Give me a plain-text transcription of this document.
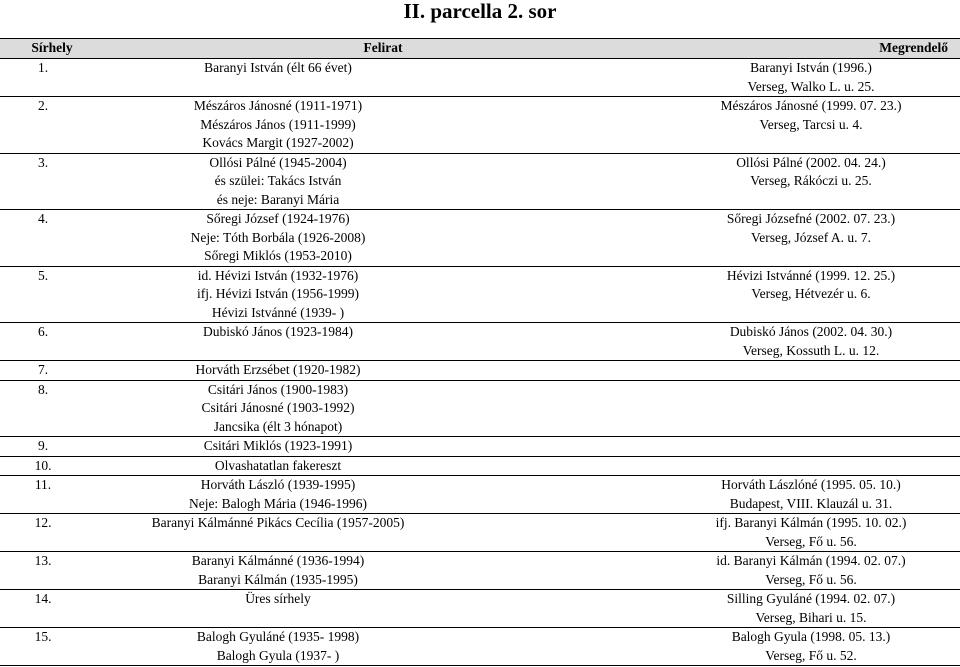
II. parcella 2. sor
Sírhely	Felirat	Megrendelő
1.	Baranyi István (élt 66 évet)	Baranyi István (1996.)
Verseg, Walko L. u. 25.

2.	Mészáros Jánosné (1911-1971)
Mészáros János (1911-1999)
Kovács Margit (1927-2002)	Mészáros Jánosné (1999. 07. 23.)
Verseg, Tarcsi u. 4.

3.	Ollósi Pálné (1945-2004)
és szülei: Takács István
és neje: Baranyi Mária	Ollósi Pálné (2002. 04. 24.)
Verseg, Rákóczi u. 25.

4.	Sőregi József (1924-1976)
Neje: Tóth Borbála (1926-2008)
Sőregi Miklós (1953-2010)	Sőregi Józsefné (2002. 07. 23.)
Verseg, József A. u. 7.

5.	id. Hévizi István (1932-1976)
ifj. Hévizi István (1956-1999)
Hévizi Istvánné (1939- )	Hévizi Istvánné (1999. 12. 25.)
Verseg, Hétvezér u. 6.

6.	Dubiskó János (1923-1984)	Dubiskó János (2002. 04. 30.)
Verseg, Kossuth L. u. 12.

7.	Horváth Erzsébet (1920-1982)	

8.	Csitári János (1900-1983)
Csitári Jánosné (1903-1992)
Jancsika (élt 3 hónapot)	

9.	Csitári Miklós (1923-1991)	

10.	Olvashatatlan fakereszt	

11.	Horváth László (1939-1995)
Neje: Balogh Mária (1946-1996)	Horváth Lászlóné (1995. 05. 10.)
Budapest, VIII. Klauzál u. 31.

12.	Baranyi Kálmánné Pikács Cecília (1957-2005)	ifj. Baranyi Kálmán (1995. 10. 02.)
Verseg, Fő u. 56.

13.	Baranyi Kálmánné (1936-1994)
Baranyi Kálmán (1935-1995)	id. Baranyi Kálmán (1994. 02. 07.)
Verseg, Fő u. 56.

14.	Üres sírhely	Silling Gyuláné (1994. 02. 07.)
Verseg, Bihari u. 15.

15.	Balogh Gyuláné (1935- 1998)
Balogh Gyula (1937- )	Balogh Gyula (1998. 05. 13.)
Verseg, Fő u. 52.
